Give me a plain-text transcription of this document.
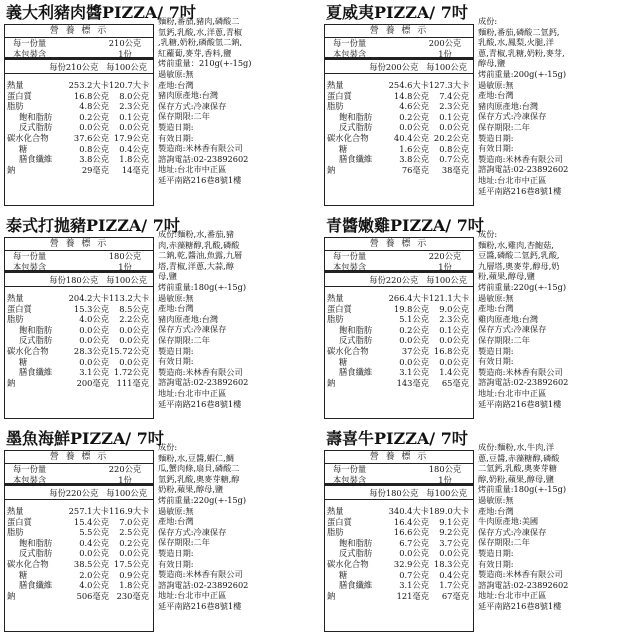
義大利豬肉醬PIZZA/ 7吋
營 養 標 示
每一份量	210公克
本包裝含	1份
每份210公克 每100公克
熱量	253.2大卡 120.7大卡
蛋白質	16.8公克	8.0公克
脂肪	4.8公克	2.3公克
飽和脂肪	0.2公克	0.1公克
反式脂肪	0.0公克	0.0公克
碳水化合物	37.6公克 17.9公克
糖	0.8公克	0.4公克
膳食纖維	3.8公克	1.8公克
鈉	29毫克	14毫克
麵粉,番茄,豬肉,磷酸二
氫鈣,乳酸,水,洋蔥,青椒
,乳糖,奶粉,磷酸氫二鈉,
紅蘿蔔,麥芽,香料,鹽
烤前重量：210g(+-15g)
過敏原:無
產地:台灣
豬肉原產地:台灣
保存方式:冷凍保存
保存期限:二年
製造日期:
有效日期:
製造商:米林香有限公司
諮詢電話:02-23892602
地址:台北市中正區
延平南路216巷8號1樓
夏威夷PIZZA/ 7吋
營 養 標 示
每一份量	200公克
本包裝含	1份
每份200公克 每100公克
熱量	254.6大卡 127.3大卡
蛋白質	14.8公克	7.4公克
脂肪	4.6公克	2.3公克
飽和脂肪	0.2公克	0.1公克
反式脂肪	0.0公克	0.0公克
碳水化合物	40.4公克 20.2公克
糖	1.6公克	0.8公克
膳食纖維	3.8公克	0.7公克
鈉	76毫克	38毫克
成份:
麵粉,番茄,磷酸二氫鈣,
乳酸,水,鳳梨,火腿,洋
蔥,青椒,乳糖,奶粉,麥芽,
醇母,鹽
烤前重量:200g(+-15g)
過敏原:無
產地:台灣
豬肉原產地:台灣
保存方式:冷凍保存
保存期限:二年
製造日期:
有效日期:
製造商:米林香有限公司
諮詢電話:02-23892602
地址:台北市中正區
延平南路216巷8號1樓
泰式打拋豬PIZZA/ 7吋
營 養 標 示
每一份量	180公克
本包裝含	1份
每份180公克 每100公克
熱量	204.2大卡 113.2大卡
蛋白質	15.3公克	8.5公克
脂肪	4.0公克	2.2公克
飽和脂肪	0.0公克	0.0公克
反式脂肪	0.0公克	0.0公克
碳水化合物	28.3公克 15.72公克
糖	0.0公克	0.0公克
膳食纖維	3.1公克 1.72公克
鈉	200毫克 111毫克
成份:麵粉,水,番茄,豬
肉,赤藻糖醇,乳酸,磷酸
二鈉,乾,醬油,魚露,九層
塔,青椒,洋蔥,大蒜,醇
母,鹽
烤前重量:180g(+-15g)
過敏原:無
產地:台灣
豬肉原產地:台灣
保存方式:冷凍保存
保存期限:二年
製造日期:
有效日期:
製造商:米林香有限公司
諮詢電話:02-23892602
地址:台北市中正區
延平南路216巷8號1樓
青醬嫩雞PIZZA/ 7吋
營 養 標 示
每一份量	220公克
本包裝含	1份
每份220公克 每100公克
熱量	266.4大卡 121.1大卡
蛋白質	19.8公克	9.0公克
脂肪	5.1公克	2.3公克
飽和脂肪	0.2公克	0.1公克
反式脂肪	0.0公克	0.0公克
碳水化合物	37公克 16.8公克
糖	0.0公克	0.0公克
膳食纖維	3.1公克	1.4公克
鈉	143毫克	65毫克
成份:
麵粉,水,雞肉,杏鮑菇,
豆醬,磷酸二氫鈣,乳酸,
九層塔,奧麥芽,醇母,奶
粉,蘋果,醇母,鹽
烤前重量:220g(+-15g)
過敏原:無
產地:台灣
雞肉原產地:台灣
保存方式:冷凍保存
保存期限:二年
製造日期:
有效日期:
製造商:米林香有限公司
諮詢電話:02-23892602
地址:台北市中正區
延平南路216巷8號1樓
墨魚海鮮PIZZA/ 7吋
營 養 標 示
每一份量	220公克
本包裝含	1份
每份220公克 每100公克
熱量	257.1大卡 116.9大卡
蛋白質	15.4公克	7.0公克
脂肪	5.5公克	2.5公克
飽和脂肪	0.4公克	0.2公克
反式脂肪	0.0公克	0.0公克
碳水化合物	38.5公克 17.5公克
糖	2.0公克	0.9公克
膳食纖維	4.0公克	1.8公克
鈉	506毫克 230毫克
成份:
麵粉,水,豆醬,蝦仁,鯛
瓜,蟹肉條,扇貝,磷酸二
氫鈣,乳酸,奧麥芽糖,醇
奶粉,蘋果,醇母,鹽
烤前重量:220g(+-15g)
過敏原:無
產地:台灣
保存方式:冷凍保存
保存期限:二年
製造日期:
有效日期:
製造商:米林香有限公司
諮詢電話:02-23892602
地址:台北市中正區
延平南路216巷8號1樓
壽喜牛PIZZA/ 7吋
營 養 標 示
每一份量	180公克
本包裝含	1份
每份180公克 每100公克
熱量	340.4大卡 189.0大卡
蛋白質	16.4公克	9.1公克
脂肪	16.6公克	9.2公克
飽和脂肪	6.7公克	3.7公克
反式脂肪	0.0公克	0.0公克
碳水化合物	32.9公克 18.3公克
糖	0.7公克	0.4公克
膳食纖維	3.1公克	1.7公克
鈉	121毫克	67毫克
成份:麵粉,水,牛肉,洋
蔥,豆醬,赤藻糖醇,磷酸
二氫鈣,乳酸,奧麥芽糖
醇,奶粉,蘋果,醇母,鹽
烤前重量:180g(+-15g)
過敏原:無
產地:台灣
牛肉原產地:美國
保存方式:冷凍保存
保存期限:二年
製造日期:
有效日期:
製造商:米林香有限公司
諮詢電話:02-23892602
地址:台北市中正區
延平南路216巷8號1樓
